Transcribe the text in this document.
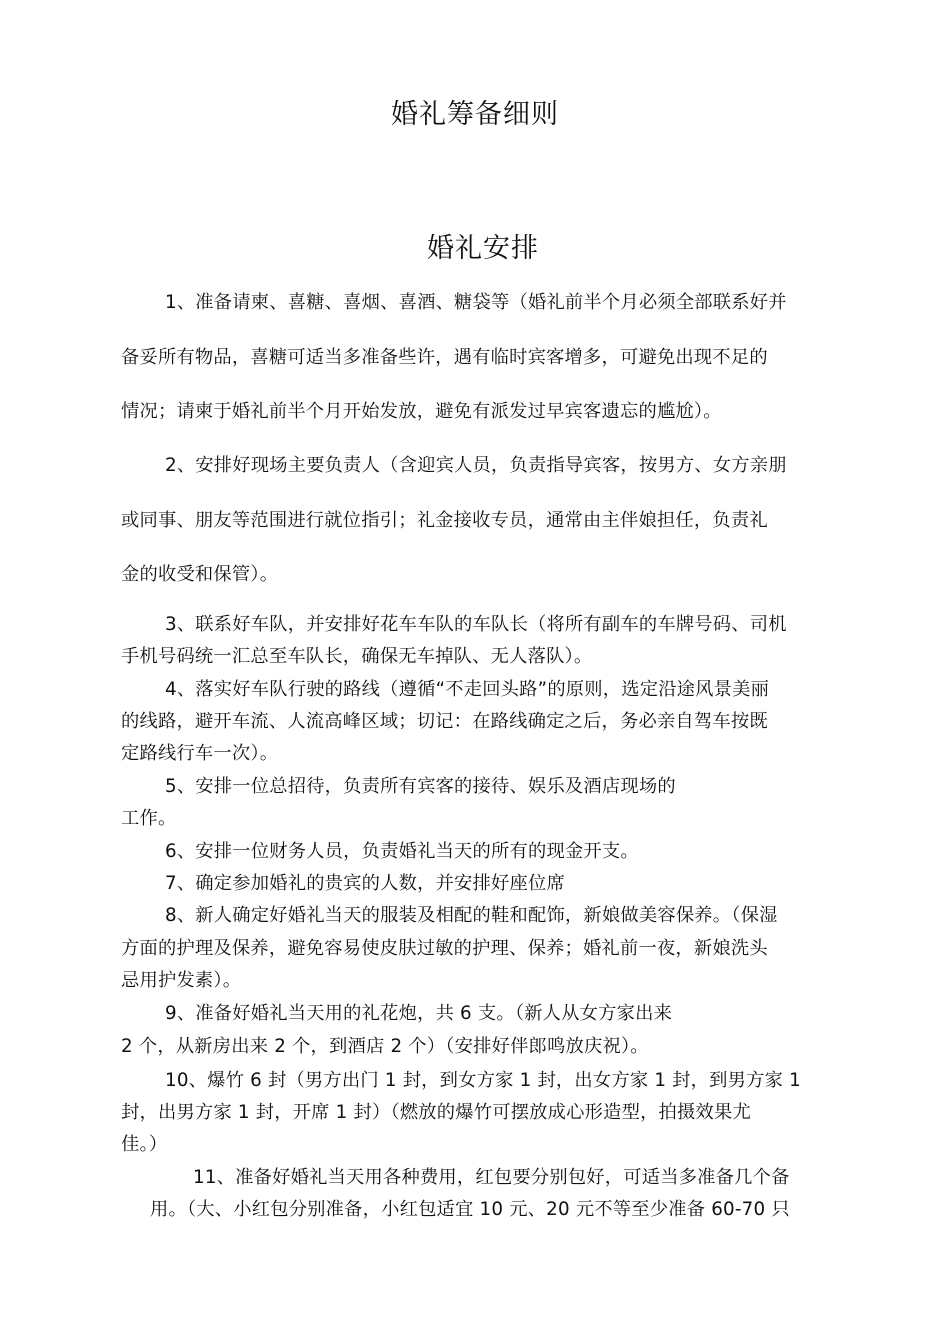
婚礼筹备细则
婚礼安排
1、准备请柬、喜糖、喜烟、喜酒、糖袋等（婚礼前半个月必须全部联系好并
备妥所有物品，喜糖可适当多准备些许，遇有临时宾客增多，可避免出现不足的
情况；请柬于婚礼前半个月开始发放，避免有派发过早宾客遗忘的尴尬）。
2、安排好现场主要负责人（含迎宾人员，负责指导宾客，按男方、女方亲朋
或同事、朋友等范围进行就位指引；礼金接收专员，通常由主伴娘担任，负责礼
金的收受和保管）。
3、联系好车队，并安排好花车车队的车队长（将所有副车的车牌号码、司机
手机号码统一汇总至车队长，确保无车掉队、无人落队）。
4、落实好车队行驶的路线（遵循“不走回头路”的原则，选定沿途风景美丽
的线路，避开车流、人流高峰区域；切记：在路线确定之后，务必亲自驾车按既
定路线行车一次）。
5、安排一位总招待，负责所有宾客的接待、娱乐及酒店现场的
工作。
6、安排一位财务人员，负责婚礼当天的所有的现金开支。
7、确定参加婚礼的贵宾的人数，并安排好座位席
8、新人确定好婚礼当天的服装及相配的鞋和配饰，新娘做美容保养。（保湿
方面的护理及保养，避免容易使皮肤过敏的护理、保养；婚礼前一夜，新娘洗头
忌用护发素）。
9、准备好婚礼当天用的礼花炮，共 6 支。（新人从女方家出来
2 个，从新房出来 2 个，到酒店 2 个）（安排好伴郎鸣放庆祝）。
10、爆竹 6 封（男方出门 1 封，到女方家 1 封，出女方家 1 封，到男方家 1
封，出男方家 1 封，开席 1 封）（燃放的爆竹可摆放成心形造型，拍摄效果尤
佳。）
11、准备好婚礼当天用各种费用，红包要分别包好，可适当多准备几个备
用。（大、小红包分别准备，小红包适宜 10 元、20 元不等至少准备 60-70 只
